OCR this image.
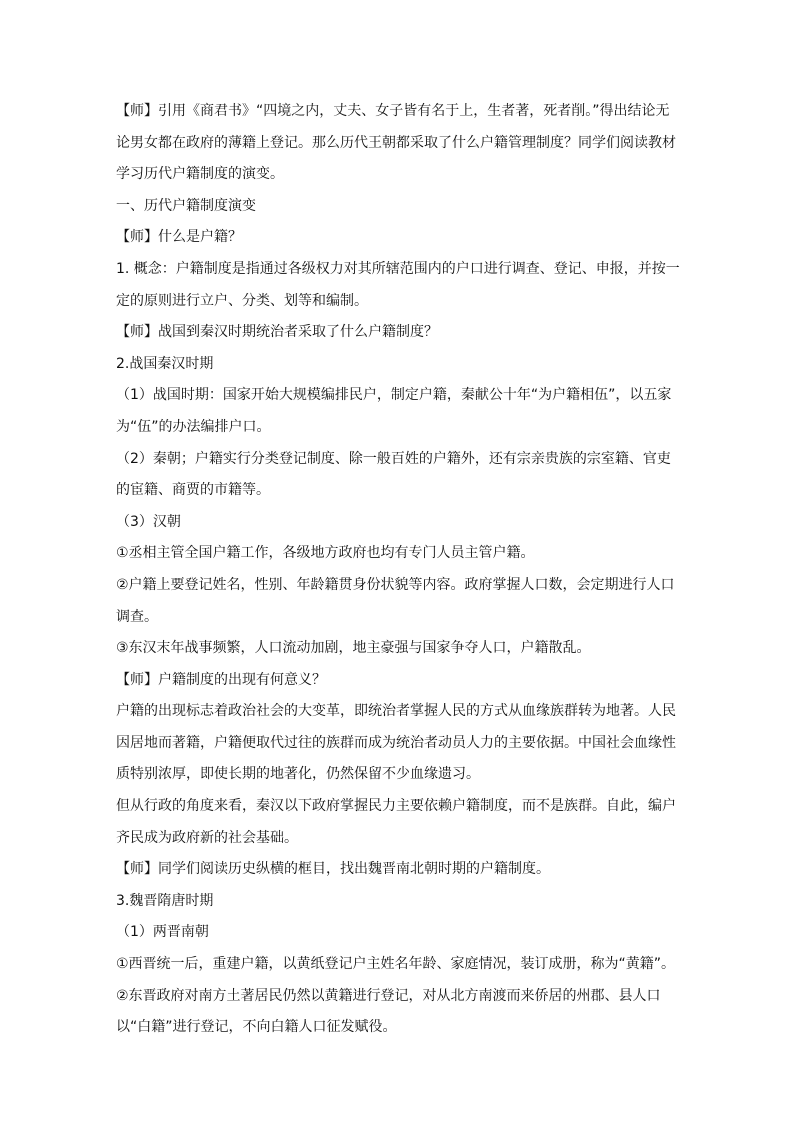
【师】引用《商君书》“四境之内，丈夫、女子皆有名于上，生者著，死者削。”得出结论无论男女都在政府的薄籍上登记。那么历代王朝都采取了什么户籍管理制度？同学们阅读教材学习历代户籍制度的演变。

一、历代户籍制度演变

【师】什么是户籍？

1. 概念：户籍制度是指通过各级权力对其所辖范围内的户口进行调查、登记、申报，并按一定的原则进行立户、分类、划等和编制。

【师】战国到秦汉时期统治者采取了什么户籍制度？

2.战国秦汉时期

（1）战国时期：国家开始大规模编排民户，制定户籍，秦献公十年“为户籍相伍”，以五家为“伍”的办法编排户口。

（2）秦朝；户籍实行分类登记制度、除一般百姓的户籍外，还有宗亲贵族的宗室籍、官吏的宦籍、商贾的市籍等。

（3）汉朝

①丞相主管全国户籍工作，各级地方政府也均有专门人员主管户籍。

②户籍上要登记姓名，性别、年龄籍贯身份状貌等内容。政府掌握人口数，会定期进行人口调查。

③东汉末年战事频繁，人口流动加剧，地主豪强与国家争夺人口，户籍散乱。

【师】户籍制度的出现有何意义？

户籍的出现标志着政治社会的大变革，即统治者掌握人民的方式从血缘族群转为地著。人民因居地而著籍，户籍便取代过往的族群而成为统治者动员人力的主要依据。中国社会血缘性质特别浓厚，即使长期的地著化，仍然保留不少血缘遗习。

但从行政的角度来看，秦汉以下政府掌握民力主要依赖户籍制度，而不是族群。自此，编户齐民成为政府新的社会基础。

【师】同学们阅读历史纵横的框目，找出魏晋南北朝时期的户籍制度。

3.魏晋隋唐时期

（1）两晋南朝

①西晋统一后，重建户籍，以黄纸登记户主姓名年龄、家庭情况，装订成册，称为“黄籍”。

②东晋政府对南方土著居民仍然以黄籍进行登记，对从北方南渡而来侨居的州郡、县人口以“白籍”进行登记，不向白籍人口征发赋役。
